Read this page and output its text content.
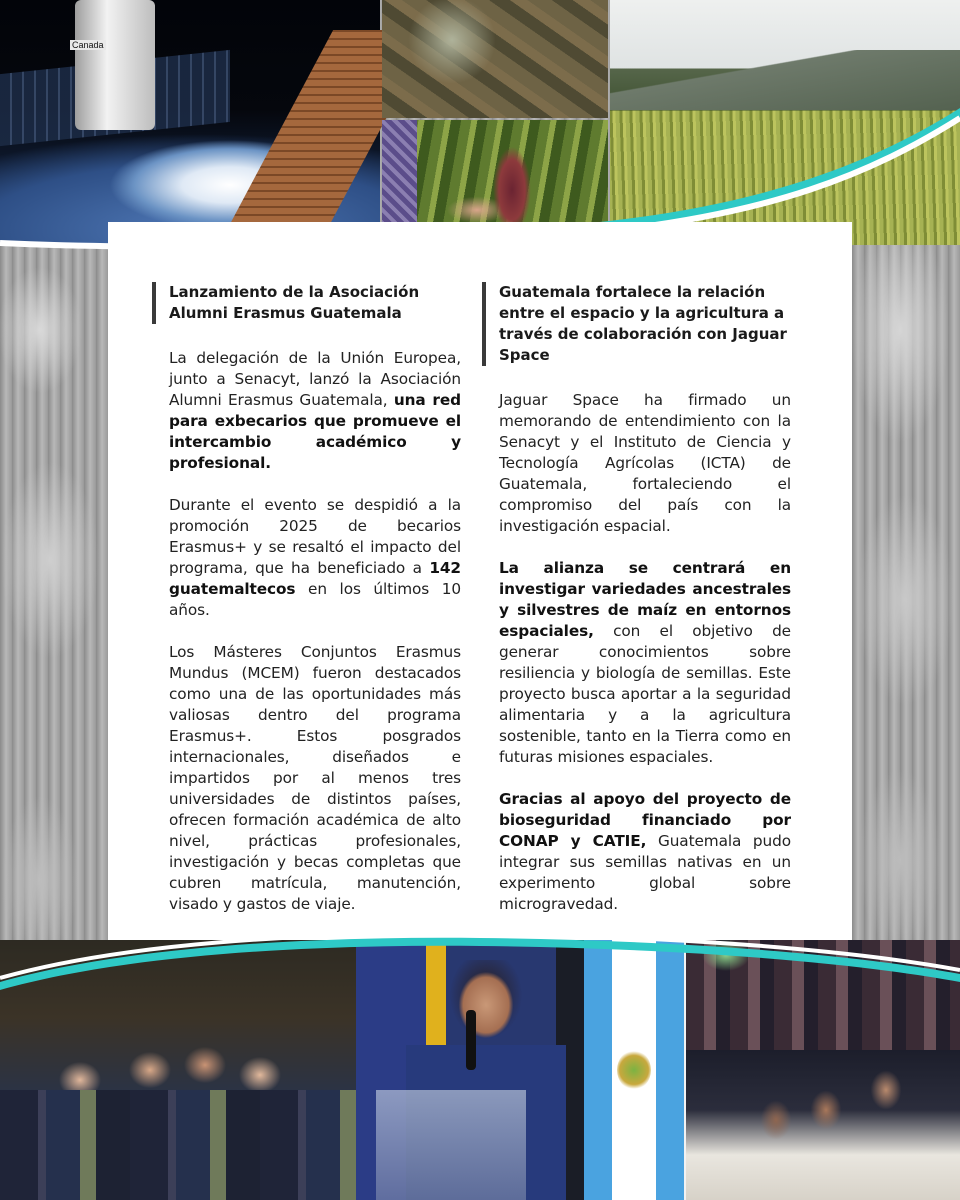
Canada
Lanzamiento de la Asociación Alumni Erasmus Guatemala

La delegación de la Unión Europea, junto a Senacyt, lanzó la Asociación Alumni Erasmus Guatemala, una red para exbecarios que promueve el intercambio académico y profesional.

Durante el evento se despidió a la promoción 2025 de becarios Erasmus+ y se resaltó el impacto del programa, que ha beneficiado a 142 guatemaltecos en los últimos 10 años.

Los Másteres Conjuntos Erasmus Mundus (MCEM) fueron destacados como una de las oportunidades más valiosas dentro del programa Erasmus+. Estos posgrados internacionales, diseñados e impartidos por al menos tres universidades de distintos países, ofrecen formación académica de alto nivel, prácticas profesionales, investigación y becas completas que cubren matrícula, manutención, visado y gastos de viaje.

Guatemala fortalece la relación entre el espacio y la agricultura a través de colaboración con Jaguar Space

Jaguar Space ha firmado un memorando de entendimiento con la Senacyt y el Instituto de Ciencia y Tecnología Agrícolas (ICTA) de Guatemala, fortaleciendo el compromiso del país con la investigación espacial.

La alianza se centrará en investigar variedades ancestrales y silvestres de maíz en entornos espaciales, con el objetivo de generar conocimientos sobre resiliencia y biología de semillas. Este proyecto busca aportar a la seguridad alimentaria y a la agricultura sostenible, tanto en la Tierra como en futuras misiones espaciales.

Gracias al apoyo del proyecto de bioseguridad financiado por CONAP y CATIE, Guatemala pudo integrar sus semillas nativas en un experimento global sobre microgravedad.
